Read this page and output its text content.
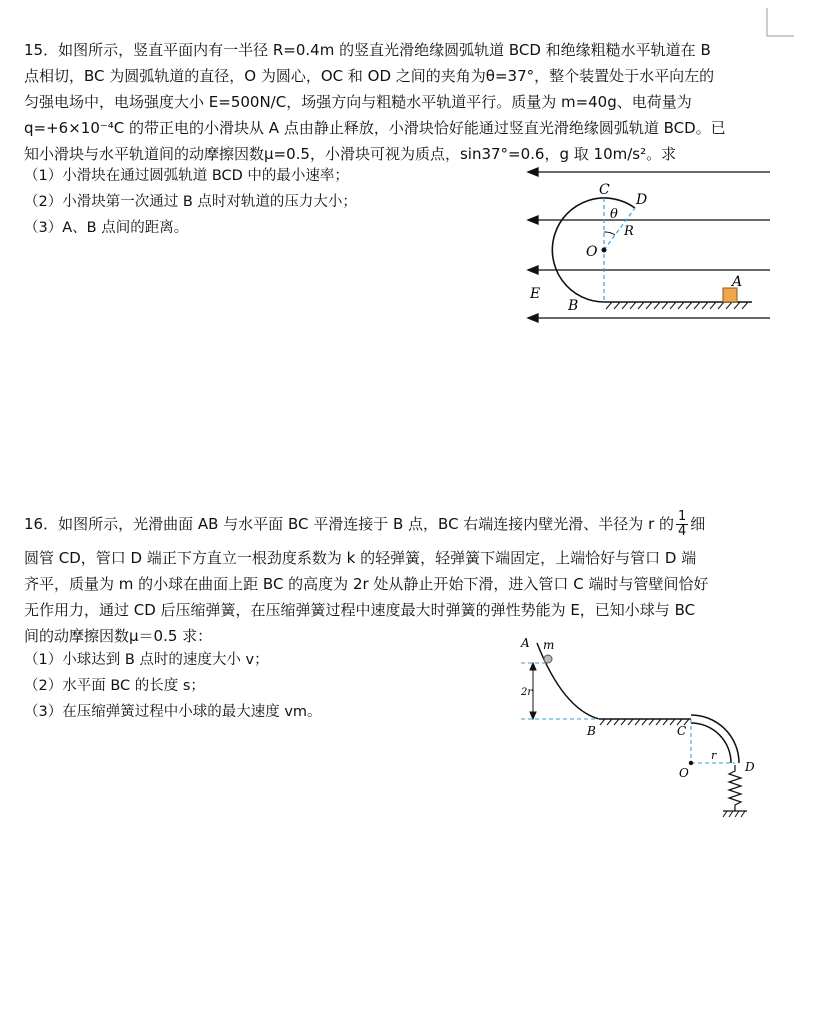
15．如图所示，竖直平面内有一半径 R=0.4m 的竖直光滑绝缘圆弧轨道 BCD 和绝缘粗糙水平轨道在 B
点相切，BC 为圆弧轨道的直径，O 为圆心，OC 和 OD 之间的夹角为θ=37°，整个装置处于水平向左的
匀强电场中，电场强度大小 E=500N/C，场强方向与粗糙水平轨道平行。质量为 m=40g、电荷量为
q=+6×10⁻⁴C 的带正电的小滑块从 A 点由静止释放，小滑块恰好能通过竖直光滑绝缘圆弧轨道 BCD。已
知小滑块与水平轨道间的动摩擦因数μ=0.5，小滑块可视为质点，sin37°=0.6，g 取 10m/s²。求
（1）小滑块在通过圆弧轨道 BCD 中的最小速率；
（2）小滑块第一次通过 B 点时对轨道的压力大小；
（3）A、B 点间的距离。
C
D
θ
R
O
E
B
A
16．如图所示，光滑曲面 AB 与水平面 BC 平滑连接于 B 点，BC 右端连接内壁光滑、半径为 r 的 $\frac{1}{4}$ 细
圆管 CD，管口 D 端正下方直立一根劲度系数为 k 的轻弹簧，轻弹簧下端固定，上端恰好与管口 D 端
齐平，质量为 m 的小球在曲面上距 BC 的高度为 2r 处从静止开始下滑，进入管口 C 端时与管壁间恰好
无作用力，通过 CD 后压缩弹簧，在压缩弹簧过程中速度最大时弹簧的弹性势能为 E，已知小球与 BC
间的动摩擦因数μ＝0.5 求：
（1）小球达到 B 点时的速度大小 v；
（2）水平面 BC 的长度 s；
（3）在压缩弹簧过程中小球的最大速度 vm。
A m
2r
B	C
r
O	D
